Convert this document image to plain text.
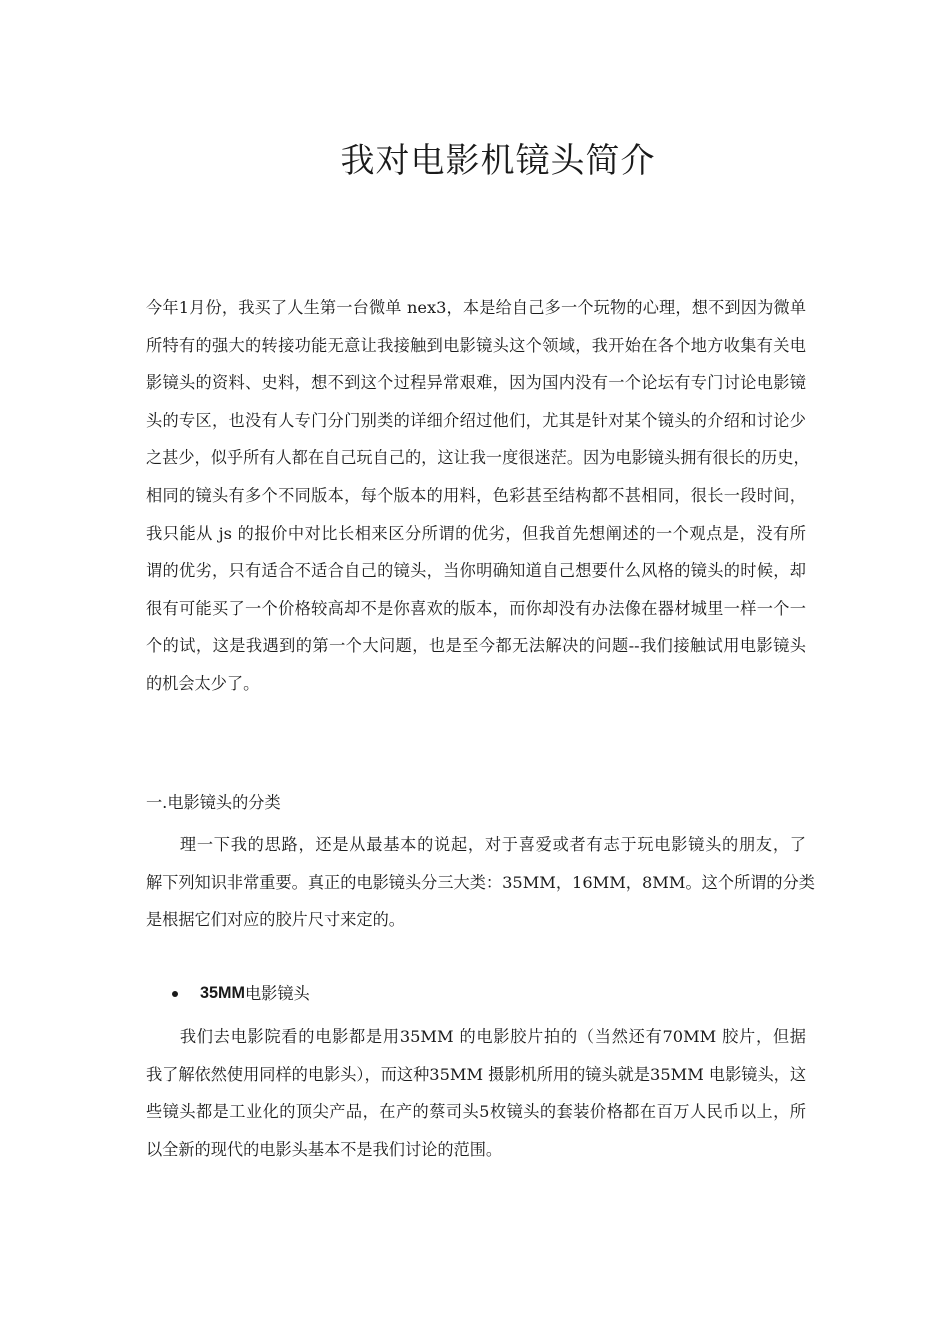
我对电影机镜头简介
今年1月份，我买了人生第一台微单 nex3，本是给自己多一个玩物的心理，想不到因为微单
所特有的强大的转接功能无意让我接触到电影镜头这个领域，我开始在各个地方收集有关电
影镜头的资料、史料，想不到这个过程异常艰难，因为国内没有一个论坛有专门讨论电影镜
头的专区，也没有人专门分门别类的详细介绍过他们，尤其是针对某个镜头的介绍和讨论少
之甚少，似乎所有人都在自己玩自己的，这让我一度很迷茫。因为电影镜头拥有很长的历史，
相同的镜头有多个不同版本，每个版本的用料，色彩甚至结构都不甚相同，很长一段时间，
我只能从 js 的报价中对比长相来区分所谓的优劣，但我首先想阐述的一个观点是，没有所
谓的优劣，只有适合不适合自己的镜头，当你明确知道自己想要什么风格的镜头的时候，却
很有可能买了一个价格较高却不是你喜欢的版本，而你却没有办法像在器材城里一样一个一
个的试，这是我遇到的第一个大问题，也是至今都无法解决的问题--我们接触试用电影镜头
的机会太少了。

一.电影镜头的分类

　　理一下我的思路，还是从最基本的说起，对于喜爱或者有志于玩电影镜头的朋友，了
解下列知识非常重要。真正的电影镜头分三大类：35MM，16MM，8MM。这个所谓的分类
是根据它们对应的胶片尺寸来定的。
35MM 电影镜头
　　我们去电影院看的电影都是用35MM 的电影胶片拍的（当然还有70MM 胶片，但据
我了解依然使用同样的电影头），而这种35MM 摄影机所用的镜头就是35MM 电影镜头，这
些镜头都是工业化的顶尖产品，在产的蔡司头5枚镜头的套装价格都在百万人民币以上，所
以全新的现代的电影头基本不是我们讨论的范围。
